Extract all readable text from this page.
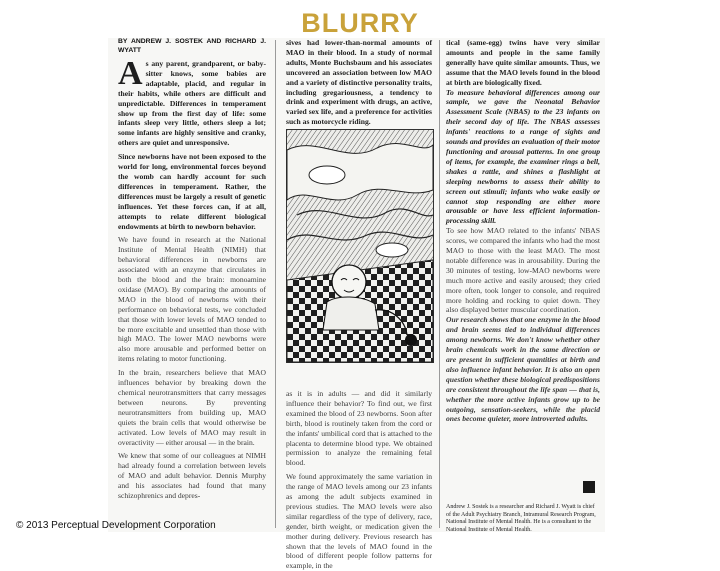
BLURRY

BY ANDREW J. SOSTEK AND RICHARD J. WYATT

As any parent, grandparent, or baby-sitter knows, some babies are adaptable, placid, and regular in their habits, while others are difficult and unpredictable. Differences in temperament show up from the first day of life: some infants sleep very little, others sleep a lot; some infants are highly sensitive and cranky, others are quiet and unresponsive.

Since newborns have not been exposed to the world for long, environmental forces beyond the womb can hardly account for such differences in temperament. Rather, the differences must be largely a result of genetic influences. Yet these forces can, if at all, attempts to relate different biological endowments at birth to newborn behavior.

We have found in research at the National Institute of Mental Health (NIMH) that behavioral differences in newborns are associated with an enzyme that circulates in both the blood and the brain: monoamine oxidase (MAO). By comparing the amounts of MAO in the blood of newborns with their performance on behavioral tests, we concluded that those with lower levels of MAO tended to be more excitable and unsettled than those with high MAO. The lower MAO newborns were also more arousable and performed better on items relating to motor functioning.

In the brain, researchers believe that MAO influences behavior by breaking down the chemical neurotransmitters that carry messages between neurons. By preventing neurotransmitters from building up, MAO quiets the brain cells that would otherwise be activated. Low levels of MAO may result in overactivity — either arousal — in the brain.

We knew that some of our colleagues at NIMH had already found a correlation between levels of MAO and adult behavior. Dennis Murphy and his associates had found that many schizophrenics and depres-

sives had lower-than-normal amounts of MAO in their blood. In a study of normal adults, Monte Buchsbaum and his associates uncovered an association between low MAO and a variety of distinctive personality traits, including gregariousness, a tendency to drink and experiment with drugs, an active, varied sex life, and a preference for activities such as motorcycle riding.

as it is in adults — and did it similarly influence their behavior? To find out, we first examined the blood of 23 newborns. Soon after birth, blood is routinely taken from the cord or the infants' umbilical cord that is attached to the placenta to determine blood type. We obtained permission to analyze the remaining fetal blood.

We found approximately the same variation in the range of MAO levels among our 23 infants as among the adult subjects examined in previous studies. The MAO levels were also similar regardless of the type of delivery, race, gender, birth weight, or medication given the mother during delivery. Previous research has shown that the levels of MAO found in the blood of different people follow patterns for example, in the

tical (same-egg) twins have very similar amounts and people in the same family generally have quite similar amounts. Thus, we assume that the MAO levels found in the blood at birth are biologically fixed.

To measure behavioral differences among our sample, we gave the Neonatal Behavior Assessment Scale (NBAS) to the 23 infants on their second day of life. The NBAS assesses infants' reactions to a range of sights and sounds and provides an evaluation of their motor functioning and arousal patterns. In one group of items, for example, the examiner rings a bell, shakes a rattle, and shines a flashlight at sleeping newborns to assess their ability to screen out stimuli; infants who wake easily or cannot stop responding are either more arousable or have less efficient information-processing skill.

To see how MAO related to the infants' NBAS scores, we compared the infants who had the most MAO to those with the least MAO. The most notable difference was in arousability. During the 30 minutes of testing, low-MAO newborns were much more active and easily aroused; they cried more often, took longer to console, and required more holding and rocking to quiet down. They also displayed better muscular coordination.

Our research shows that one enzyme in the blood and brain seems tied to individual differences among newborns. We don't know whether other brain chemicals work in the same direction or are present in sufficient quantities at birth and also influence infant behavior. It is also an open question whether these biological predispositions are consistent throughout the life span — that is, whether the more active infants grow up to be outgoing, sensation-seekers, while the placid ones become quieter, more introverted adults.

Andrew J. Sostek is a researcher and Richard J. Wyatt is chief of the Adult Psychiatry Branch, Intramural Research Program, National Institute of Mental Health. He is a consultant to the National Institute of Mental Health.
© 2013 Perceptual Development Corporation
